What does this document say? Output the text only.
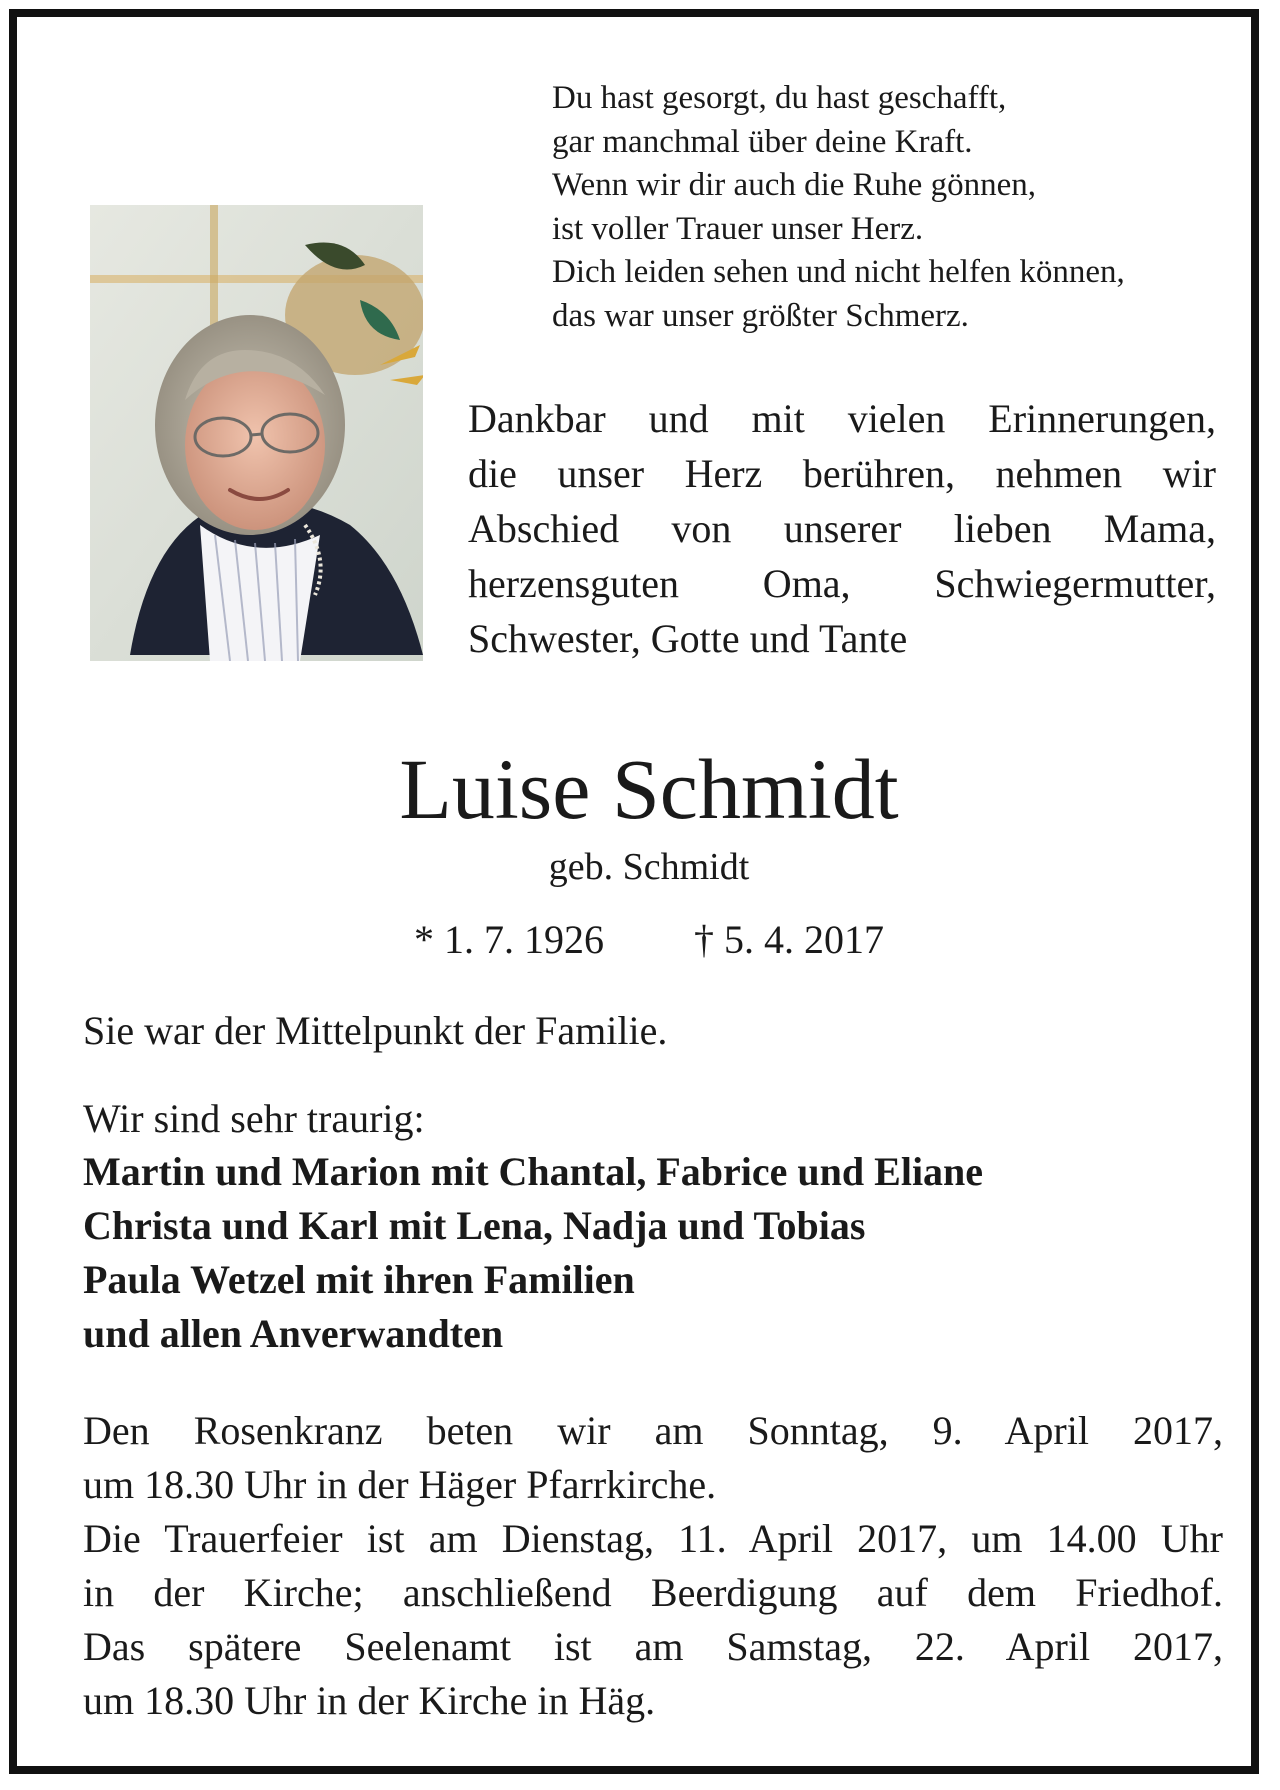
Du hast gesorgt, du hast geschafft,
gar manchmal über deine Kraft.
Wenn wir dir auch die Ruhe gönnen,
ist voller Trauer unser Herz.
Dich leiden sehen und nicht helfen können,
das war unser größter Schmerz.
Dankbar und mit vielen Erinnerungen,
die unser Herz berühren, nehmen wir
Abschied von unserer lieben Mama,
herzensguten Oma, Schwiegermutter,
Schwester, Gotte und Tante
Luise Schmidt
geb. Schmidt
* 1. 7. 1926 † 5. 4. 2017

Sie war der Mittelpunkt der Familie.

Wir sind sehr traurig:

Martin und Marion mit Chantal, Fabrice und Eliane
Christa und Karl mit Lena, Nadja und Tobias
Paula Wetzel mit ihren Familien
und allen Anverwandten
Den Rosenkranz beten wir am Sonntag, 9. April 2017,
um 18.30 Uhr in der Häger Pfarrkirche.
Die Trauerfeier ist am Dienstag, 11. April 2017, um 14.00 Uhr
in der Kirche; anschließend Beerdigung auf dem Friedhof.
Das spätere Seelenamt ist am Samstag, 22. April 2017,
um 18.30 Uhr in der Kirche in Häg.
